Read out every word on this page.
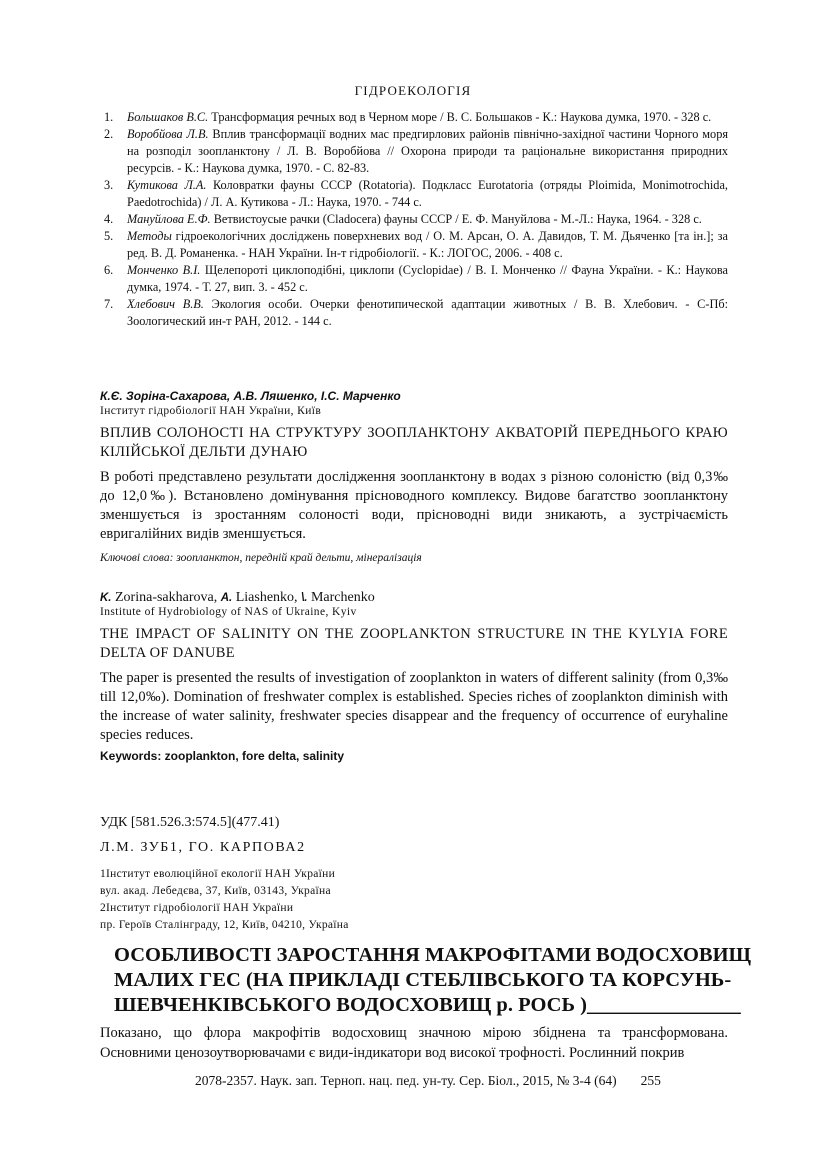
ГІДРОЕКОЛОГІЯ
1. Большаков В.С. Трансформация речных вод в Черном море / В. С. Большаков - К.: Наукова думка, 1970. - 328 с.
2. Воробйова Л.В. Вплив трансформації водних мас предгирлових районів північно-західної частини Чорного моря на розподіл зоопланктону / Л. В. Воробйова // Охорона природи та раціональне використання природних ресурсів. - К.: Наукова думка, 1970. - С. 82-83.
3. Кутикова Л.А. Коловратки фауны СССР (Rotatoria). Подкласс Eurotatoria (отряды Ploimida, Monimotrochida, Paedotrochida) / Л. А. Кутикова - Л.: Наука, 1970. - 744 с.
4. Мануйлова Е.Ф. Ветвистоусые рачки (Cladocera) фауны СССР / Е. Ф. Мануйлова - М.-Л.: Наука, 1964. - 328 с.
5. Методы гідроекологічних досліджень поверхневих вод / О. М. Арсан, О. А. Давидов, Т. М. Дьяченко [та ін.]; за ред. В. Д. Романенка. - НАН України. Ін-т гідробіології. - К.: ЛОГОС, 2006. - 408 с.
6. Монченко В.І. Щелепороті циклоподібні, циклопи (Cyclopidae) / В. І. Монченко // Фауна України. - К.: Наукова думка, 1974. - Т. 27, вип. 3. - 452 с.
7. Хлебович В.В. Экология особи. Очерки фенотипической адаптации животных / В. В. Хлебович. - С-Пб: Зоологический ин-т РАН, 2012. - 144 с.
К.Є. Зоріна-Сахарова, А.В. Ляшенко, І.С. Марченко
Інститут гідробіології НАН України, Київ
ВПЛИВ СОЛОНОСТІ НА СТРУКТУРУ ЗООПЛАНКТОНУ АКВАТОРІЙ ПЕРЕДНЬОГО КРАЮ КІЛІЙСЬКОЇ ДЕЛЬТИ ДУНАЮ
В роботі представлено результати дослідження зоопланктону в водах з різною солоністю (від 0,3‰ до 12,0‰). Встановлено домінування прісноводного комплексу. Видове багатство зоопланктону зменшується із зростанням солоності води, прісноводні види зникають, а зустрічаємість евригалійних видів зменшується.
Ключові слова: зоопланктон, передній край дельти, мінералізація
K. Zorina-sakharova, A. Liashenko, \. Marchenko
Institute of Hydrobiology of NAS of Ukraine, Kyiv
THE IMPACT OF SALINITY ON THE ZOOPLANKTON STRUCTURE IN THE KYLYIA FORE DELTA OF DANUBE
The paper is presented the results of investigation of zooplankton in waters of different salinity (from 0,3‰ till 12,0‰). Domination of freshwater complex is established. Species riches of zooplankton diminish with the increase of water salinity, freshwater species disappear and the frequency of occurrence of euryhaline species reduces.
Keywords: zooplankton, fore delta, salinity
УДК [581.526.3:574.5](477.41)
Л.М. ЗУБ1, ГО. КАРПОВА2
1Інститут еволюційної екології НАН України
вул. акад. Лебедєва, 37, Київ, 03143, Україна
2Інститут гідробіології НАН України
пр. Героїв Сталінграду, 12, Київ, 04210, Україна
ОСОБЛИВОСТІ ЗАРОСТАННЯ МАКРОФІТАМИ ВОДОСХОВИЩ МАЛИХ ГЕС (НА ПРИКЛАДІ СТЕБЛІВСЬКОГО ТА КОРСУНЬ-ШЕВЧЕНКІВСЬКОГО ВОДОСХОВИЩ р. РОСЬ )_______________
Показано, що флора макрофітів водосховищ значною мірою збіднена та трансформована. Основними ценозоутворювачами є види-індикатори вод високої трофності. Рослинний покрив
2078-2357. Наук. зап. Терноп. нац. пед. ун-ту. Сер. Біол., 2015, № 3-4 (64) 255
